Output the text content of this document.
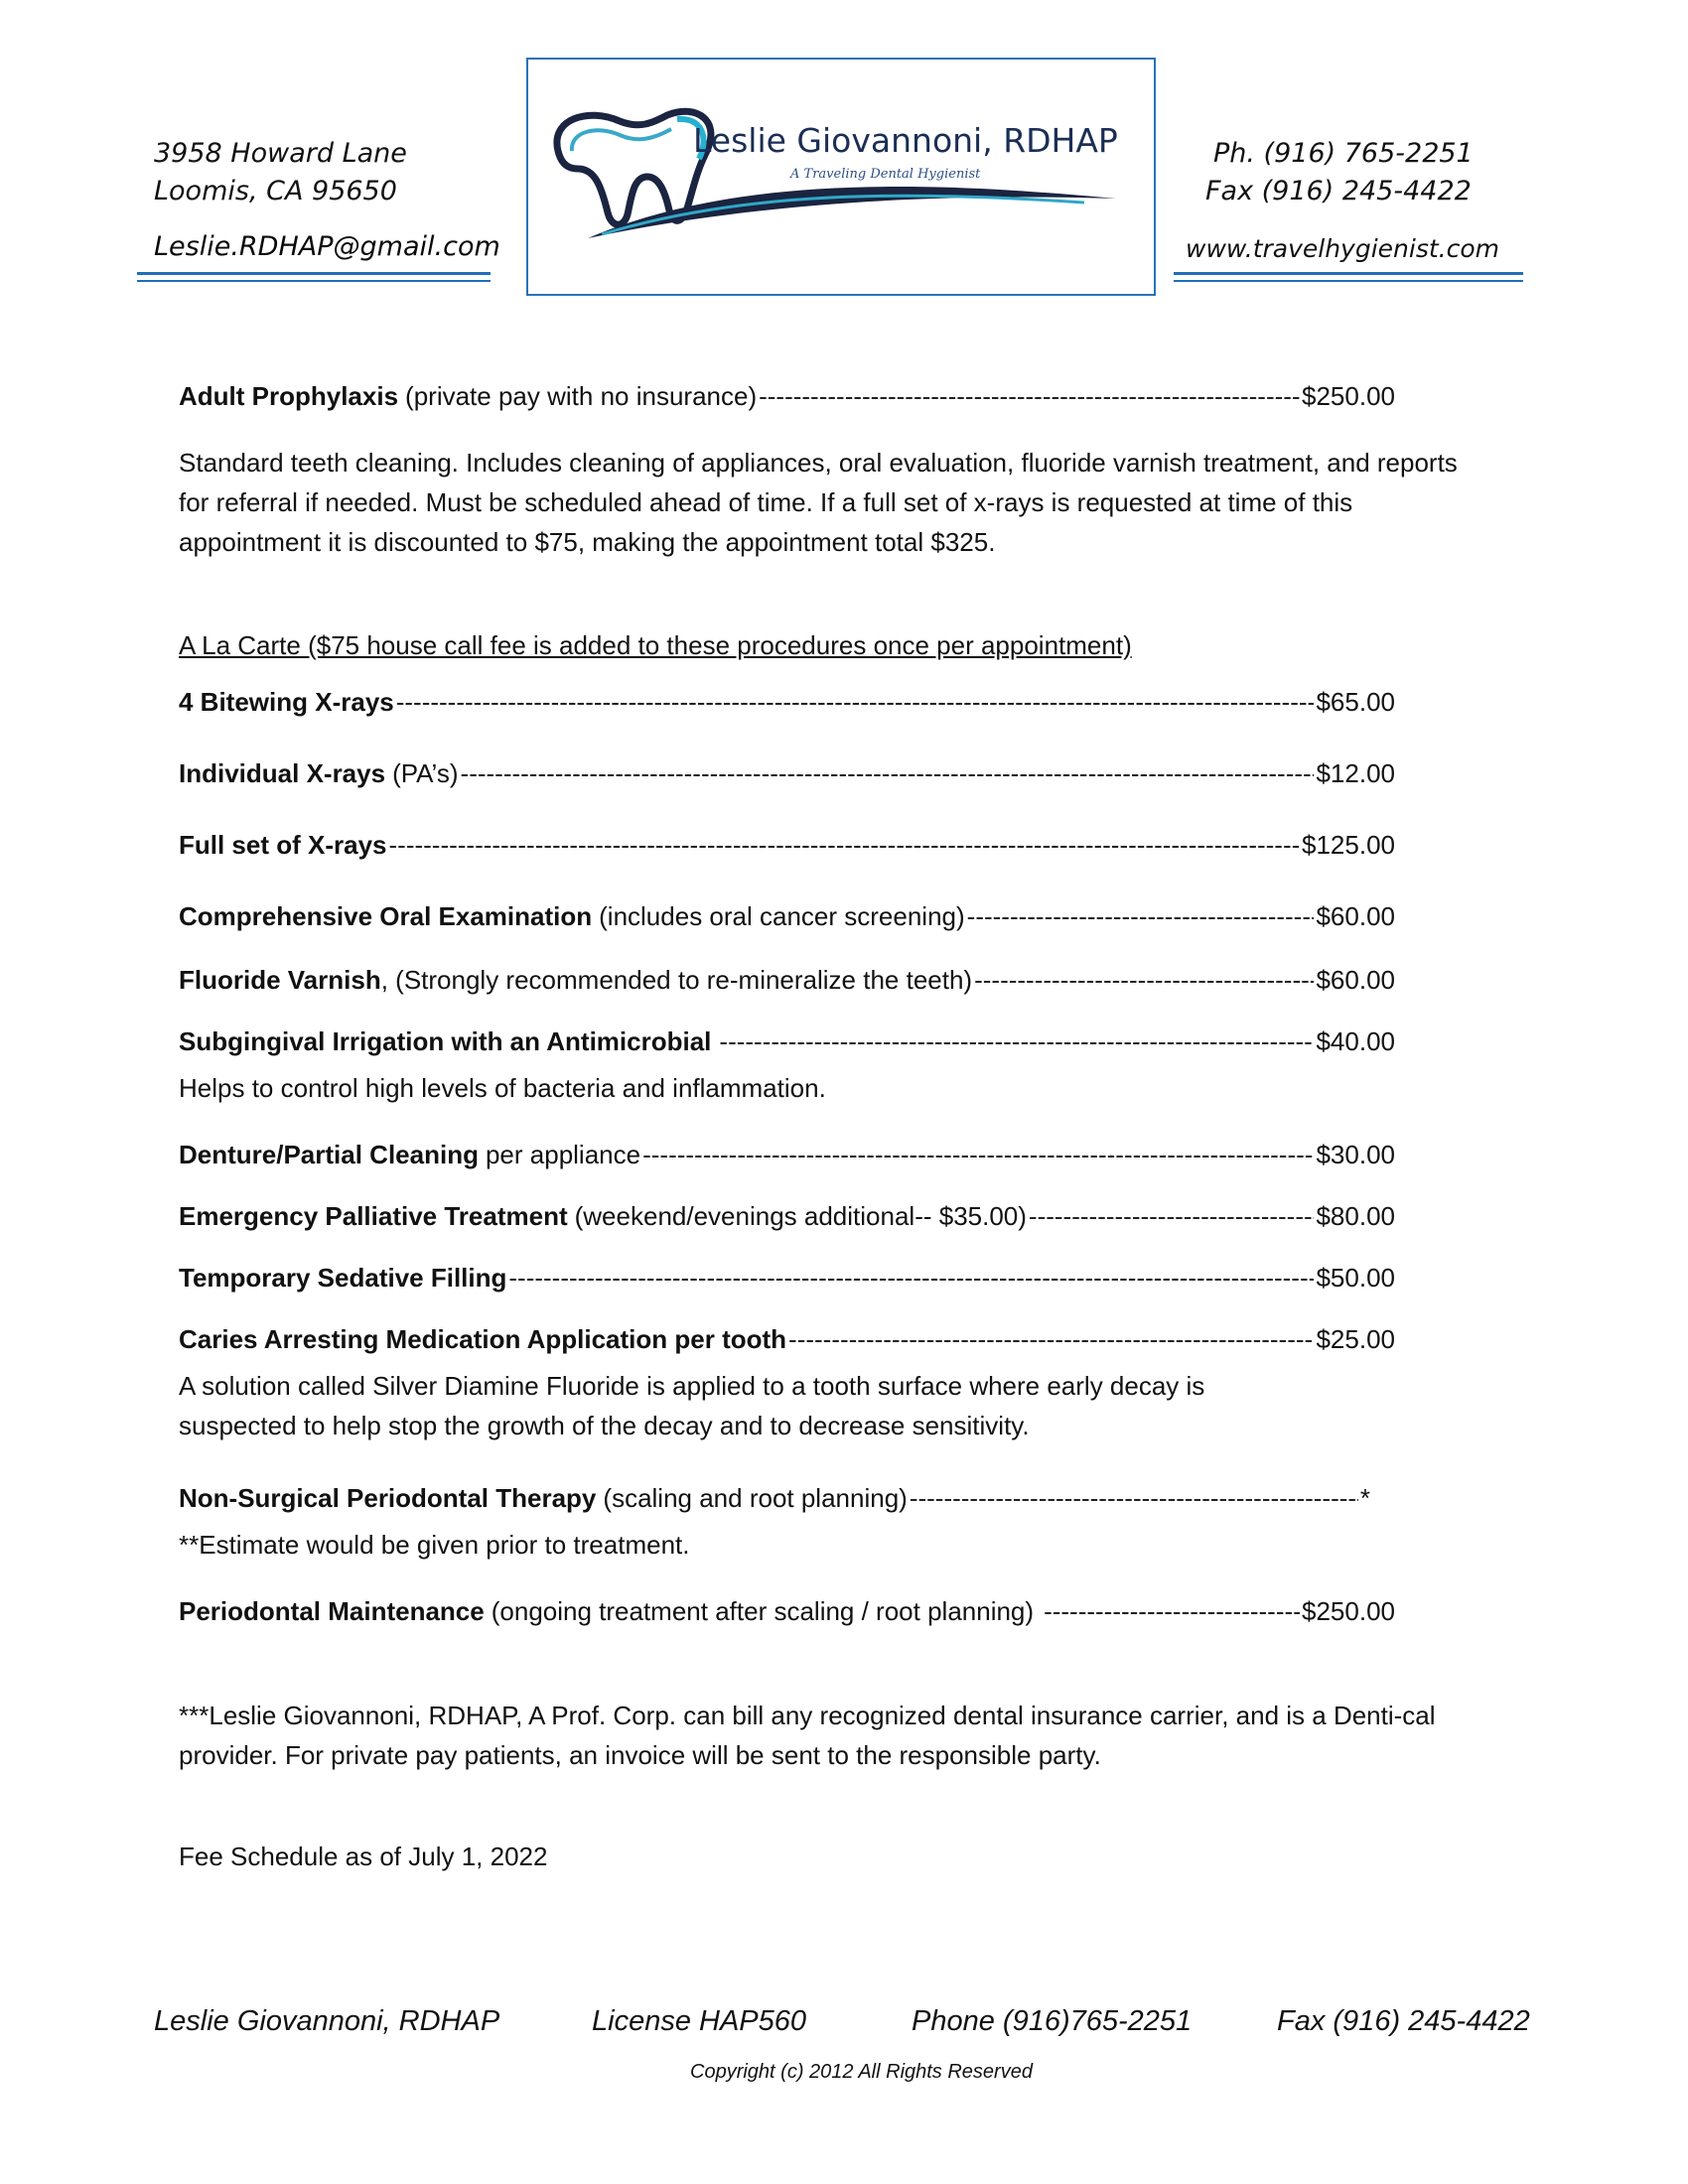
3958 Howard Lane
Loomis, CA 95650
Leslie.RDHAP@gmail.com
Ph. (916) 765-2251
Fax (916) 245-4422
www.travelhygienist.com
Leslie Giovannoni, RDHAP
A Traveling Dental Hygienist
Adult Prophylaxis (private pay with no insurance) -----	$250.00
Standard teeth cleaning. Includes cleaning of appliances, oral evaluation, fluoride varnish treatment, and reports for referral if needed. Must be scheduled ahead of time. If a full set of x-rays is requested at time of this appointment it is discounted to $75, making the appointment total $325.
A La Carte ($75 house call fee is added to these procedures once per appointment)
4 Bitewing X-rays -----	$65.00
Individual X-rays (PA’s) -----	$12.00
Full set of X-rays -----	$125.00
Comprehensive Oral Examination (includes oral cancer screening) -----	$60.00
Fluoride Varnish , (Strongly recommended to re-mineralize the teeth) -----	$60.00
Subgingival Irrigation with an Antimicrobial -----	$40.00
Helps to control high levels of bacteria and inflammation.
Denture/Partial Cleaning per appliance -----	$30.00
Emergency Palliative Treatment (weekend/evenings additional-- $35.00) -----	$80.00
Temporary Sedative Filling -----	$50.00
Caries Arresting Medication Application per tooth -----	$25.00
A solution called Silver Diamine Fluoride is applied to a tooth surface where early decay is suspected to help stop the growth of the decay and to decrease sensitivity.
Non-Surgical Periodontal Therapy (scaling and root planning) -----	*
**Estimate would be given prior to treatment.
Periodontal Maintenance (ongoing treatment after scaling / root planning) -----	$250.00
***Leslie Giovannoni, RDHAP, A Prof. Corp. can bill any recognized dental insurance carrier, and is a Denti-cal provider. For private pay patients, an invoice will be sent to the responsible party.
Fee Schedule as of July 1, 2022
Leslie Giovannoni, RDHAP	License HAP560	Phone (916)765-2251	Fax (916) 245-4422
Copyright (c) 2012 All Rights Reserved
